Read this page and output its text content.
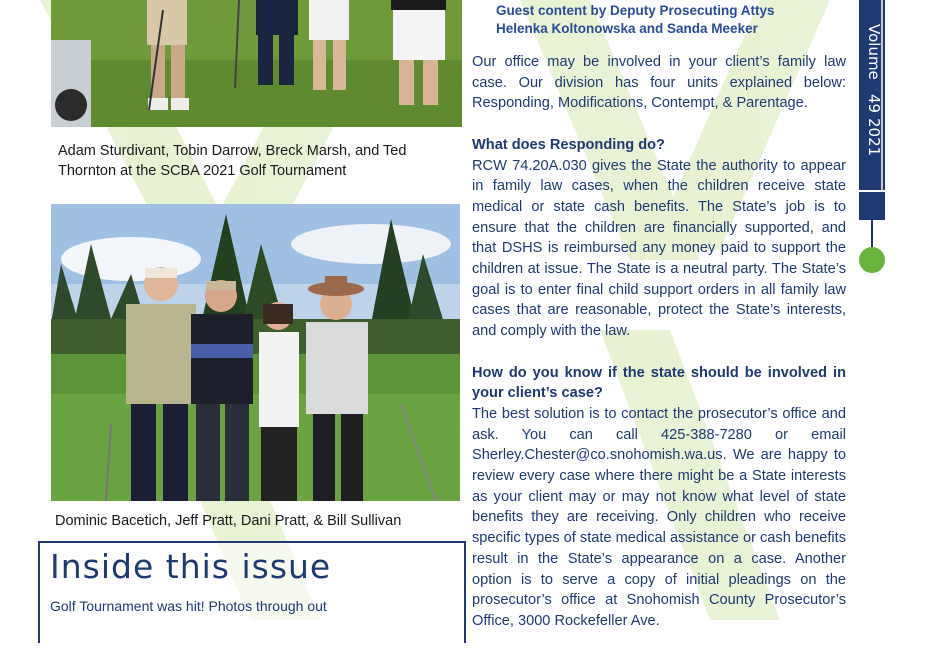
Adam Sturdivant, Tobin Darrow, Breck Marsh, and Ted Thornton at the SCBA 2021 Golf Tournament
Dominic Bacetich, Jeff Pratt, Dani Pratt, & Bill Sullivan
Inside this issue
Golf Tournament was hit! Photos through out
Guest content by Deputy Prosecuting Attys
Helenka Koltonowska and Sanda Meeker

Our office may be involved in your client’s family law case. Our division has four units explained below: Responding, Modifications, Contempt, & Parentage.

What does Responding do?

RCW 74.20A.030 gives the State the authority to appear in family law cases, when the children receive state medical or state cash benefits. The State’s job is to ensure that the children are financially supported, and that DSHS is reimbursed any money paid to support the children at issue. The State is a neutral party. The State’s goal is to enter final child support orders in all family law cases that are reasonable, protect the State’s interests, and comply with the law.

How do you know if the state should be involved in your client’s case?

The best solution is to contact the prosecutor’s office and ask. You can call 425-388-7280 or email Sherley.Chester@co.snohomish.wa.us. We are happy to review every case where there might be a State interests as your client may or may not know what level of state benefits they are receiving. Only children who receive specific types of state medical assistance or cash benefits result in the State’s appearance on a case. Another option is to serve a copy of initial pleadings on the prosecutor’s office at Snohomish County Prosecutor’s Office, 3000 Rockefeller Ave.

Volume   49 2021
